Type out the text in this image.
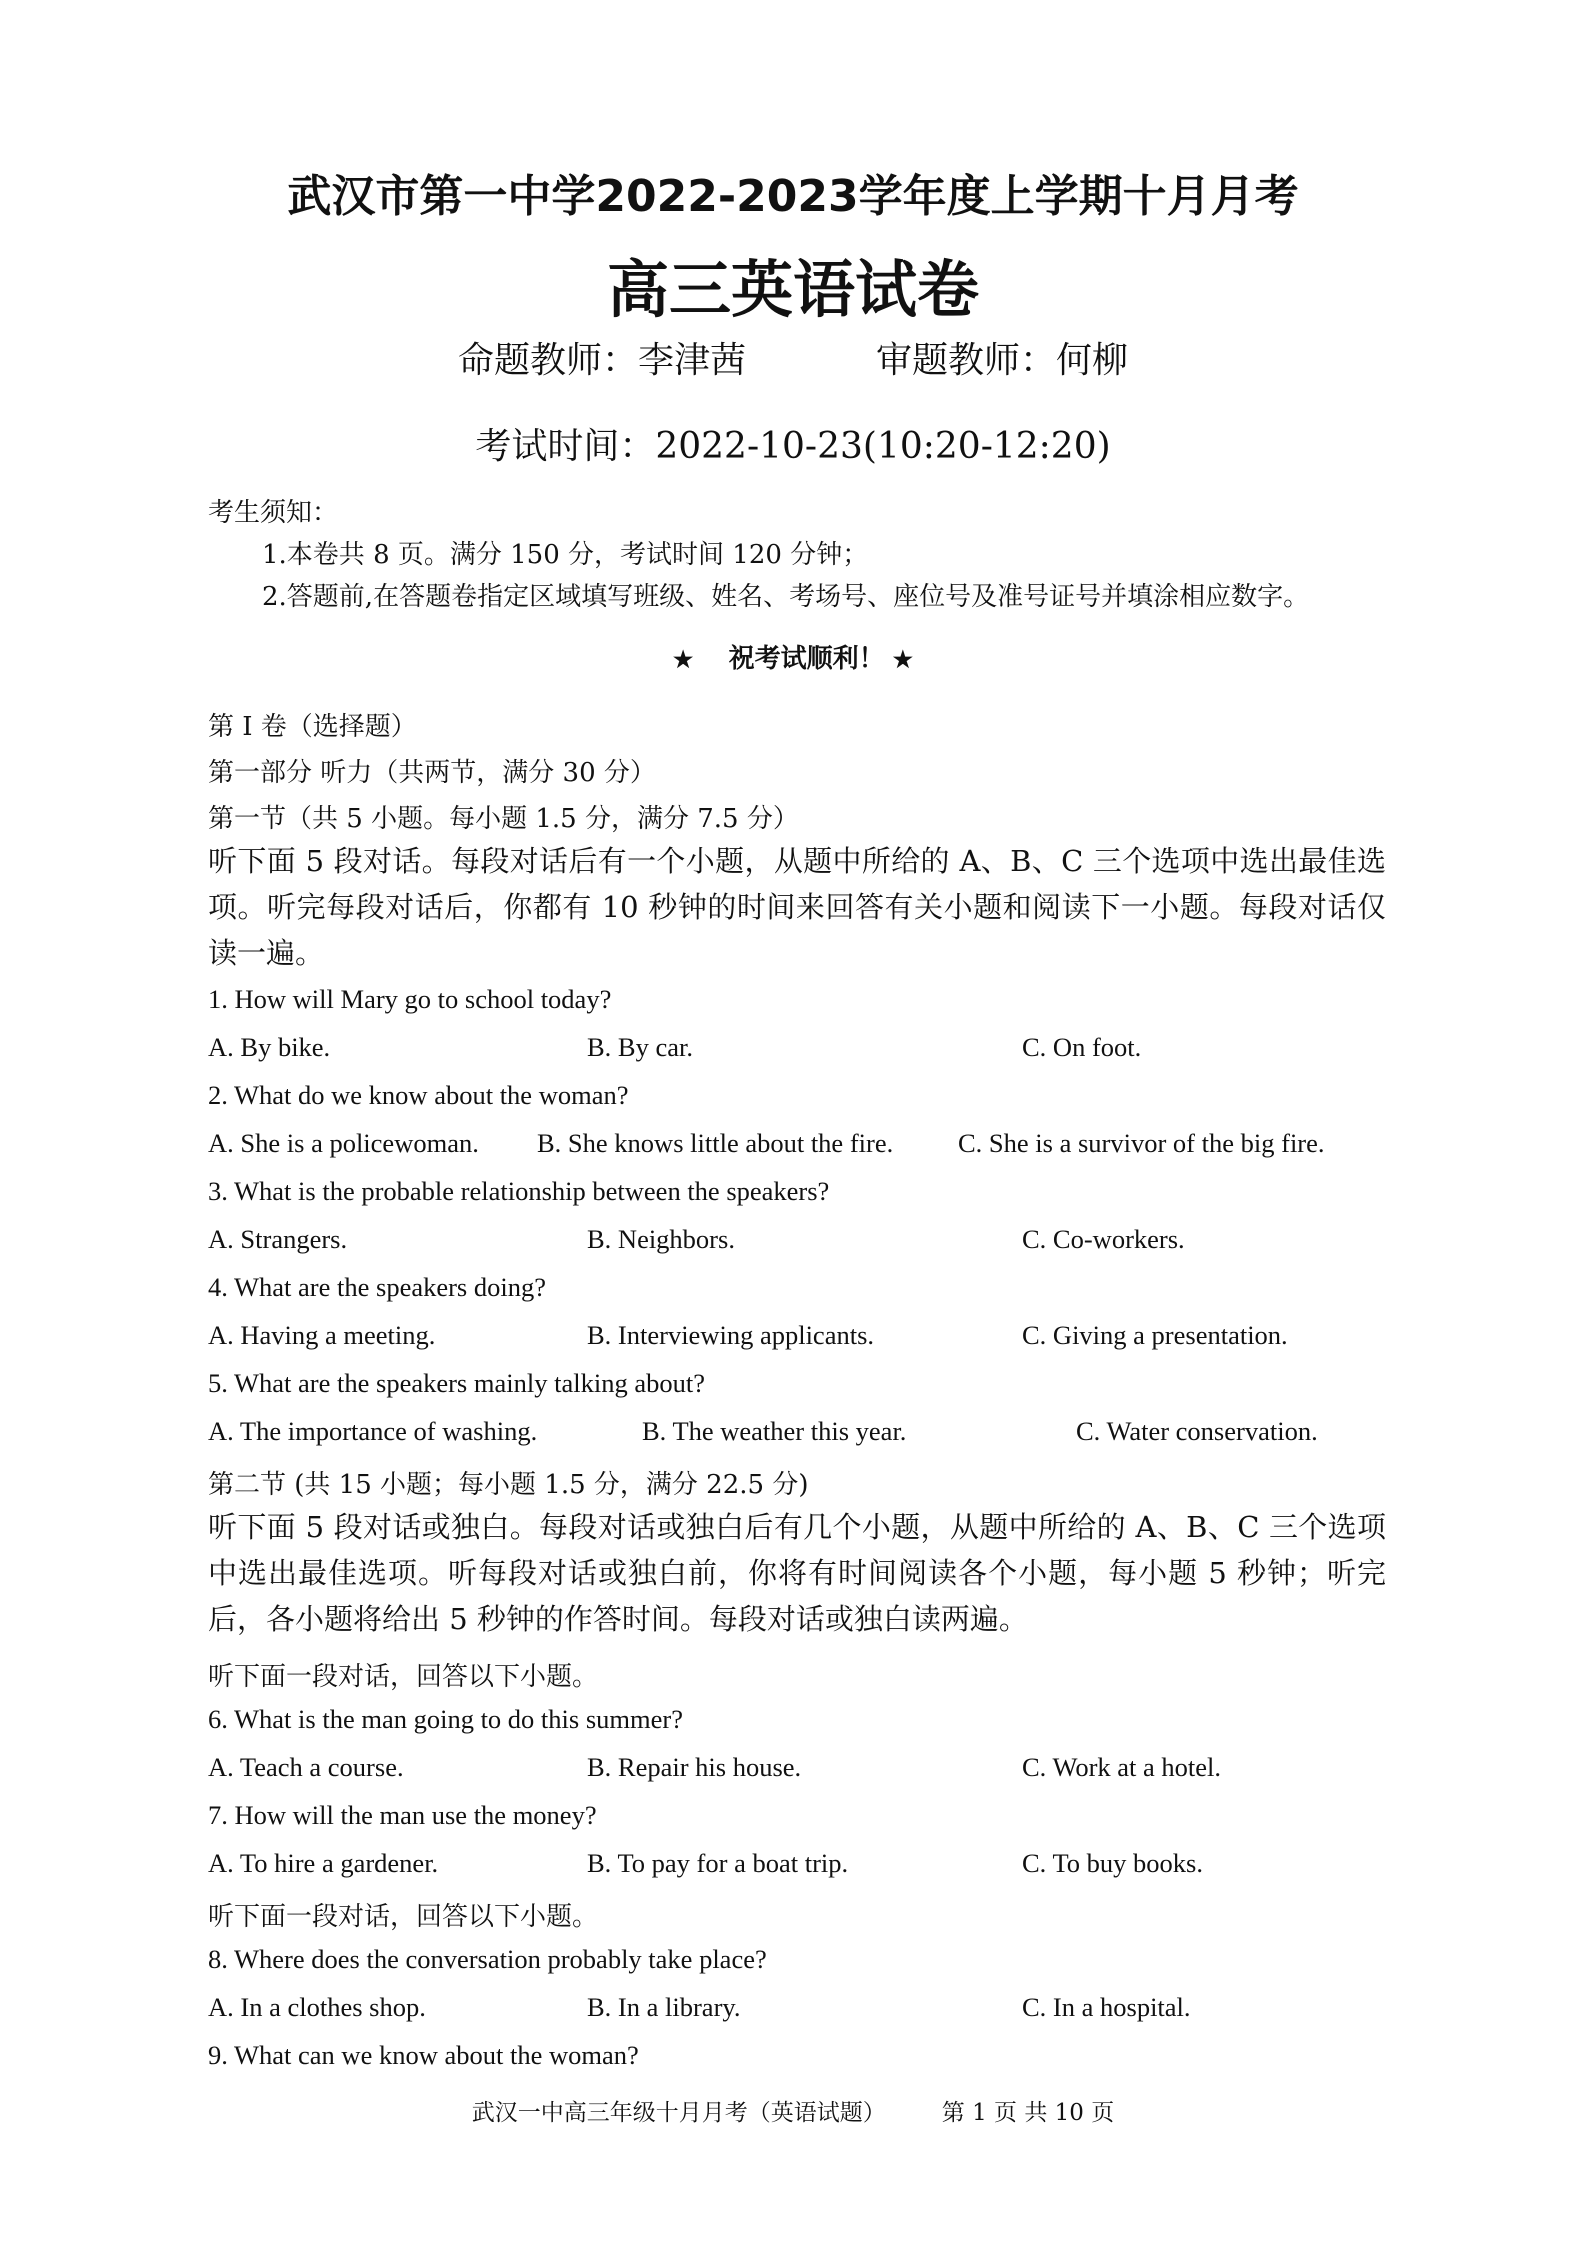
武汉市第一中学2022-2023学年度上学期十月月考
高三英语试卷
命题教师：李津茜	审题教师：何柳
考试时间：2022-10-23(10:20-12:20)
考生须知：
1.本卷共 8 页。满分 150 分，考试时间 120 分钟；
2.答题前,在答题卷指定区域填写班级、姓名、考场号、座位号及准号证号并填涂相应数字。
✭ 祝考试顺利！ ✭
第 I 卷（选择题）
第一部分 听力（共两节，满分 30 分）
第一节（共 5 小题。每小题 1.5 分，满分 7.5 分）
听下面 5 段对话。每段对话后有一个小题，从题中所给的 A、B、C 三个选项中选出最佳选项。听完每段对话后，你都有 10 秒钟的时间来回答有关小题和阅读下一小题。每段对话仅读一遍。
1. How will Mary go to school today?
A. By bike.	B. By car.	C. On foot.
2. What do we know about the woman?
A. She is a policewoman. B. She knows little about the fire. C. She is a survivor of the big fire.
3. What is the probable relationship between the speakers?
A. Strangers.	B. Neighbors.	C. Co-workers.
4. What are the speakers doing?
A. Having a meeting.	B. Interviewing applicants.	C. Giving a presentation.
5. What are the speakers mainly talking about?
A. The importance of washing.	B. The weather this year.	C. Water conservation.
第二节 (共 15 小题；每小题 1.5 分，满分 22.5 分)
听下面 5 段对话或独白。每段对话或独白后有几个小题，从题中所给的 A、B、C 三个选项中选出最佳选项。听每段对话或独白前，你将有时间阅读各个小题，每小题 5 秒钟；听完后，各小题将给出 5 秒钟的作答时间。每段对话或独白读两遍。
听下面一段对话，回答以下小题。
6. What is the man going to do this summer?
A. Teach a course.	B. Repair his house.	C. Work at a hotel.
7. How will the man use the money?
A. To hire a gardener.	B. To pay for a boat trip.	C. To buy books.
听下面一段对话，回答以下小题。
8. Where does the conversation probably take place?
A. In a clothes shop.	B. In a library.	C. In a hospital.
9. What can we know about the woman?
武汉一中高三年级十月月考（英语试题） 第 1 页 共 10 页
